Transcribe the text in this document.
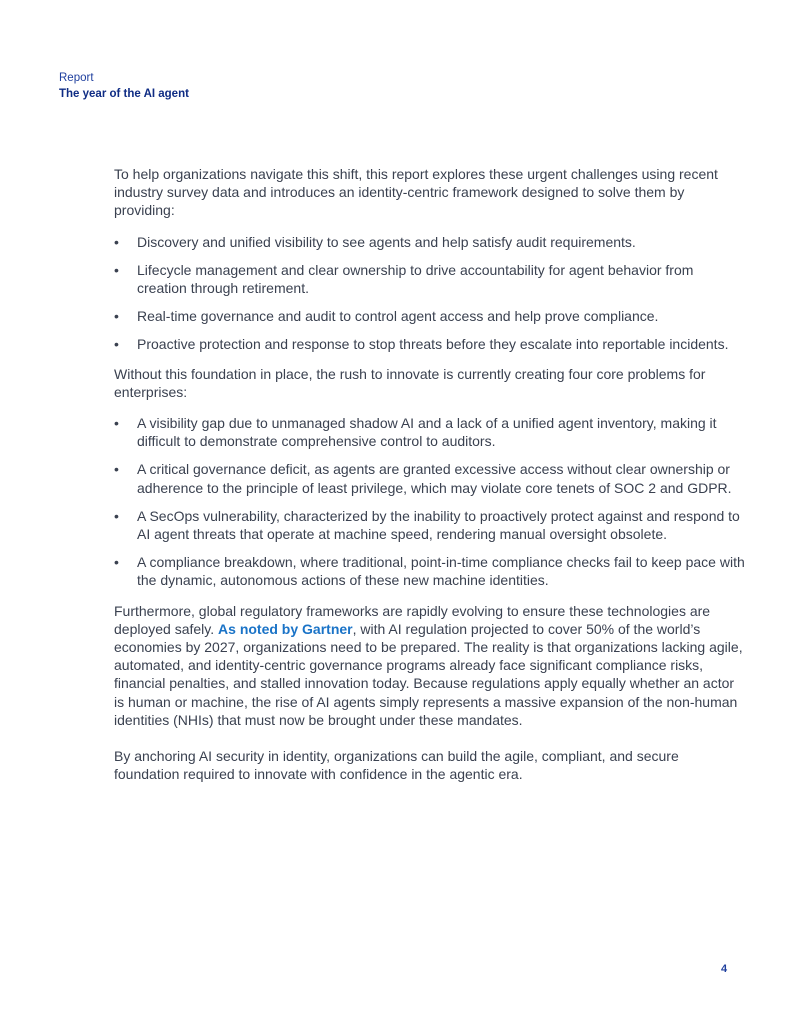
Report
The year of the AI agent

To help organizations navigate this shift, this report explores these urgent challenges using recent industry survey data and introduces an identity-centric framework designed to solve them by providing:

• Discovery and unified visibility to see agents and help satisfy audit requirements.
• Lifecycle management and clear ownership to drive accountability for agent behavior from creation through retirement.
• Real-time governance and audit to control agent access and help prove compliance.
• Proactive protection and response to stop threats before they escalate into reportable incidents.

Without this foundation in place, the rush to innovate is currently creating four core problems for enterprises:

• A visibility gap due to unmanaged shadow AI and a lack of a unified agent inventory, making it difficult to demonstrate comprehensive control to auditors.
• A critical governance deficit, as agents are granted excessive access without clear ownership or adherence to the principle of least privilege, which may violate core tenets of SOC 2 and GDPR.
• A SecOps vulnerability, characterized by the inability to proactively protect against and respond to AI agent threats that operate at machine speed, rendering manual oversight obsolete.
• A compliance breakdown, where traditional, point-in-time compliance checks fail to keep pace with the dynamic, autonomous actions of these new machine identities.

Furthermore, global regulatory frameworks are rapidly evolving to ensure these technologies are deployed safely. As noted by Gartner, with AI regulation projected to cover 50% of the world’s economies by 2027, organizations need to be prepared. The reality is that organizations lacking agile, automated, and identity-centric governance programs already face significant compliance risks, financial penalties, and stalled innovation today. Because regulations apply equally whether an actor is human or machine, the rise of AI agents simply represents a massive expansion of the non-human identities (NHIs) that must now be brought under these mandates.

By anchoring AI security in identity, organizations can build the agile, compliant, and secure foundation required to innovate with confidence in the agentic era.

4
